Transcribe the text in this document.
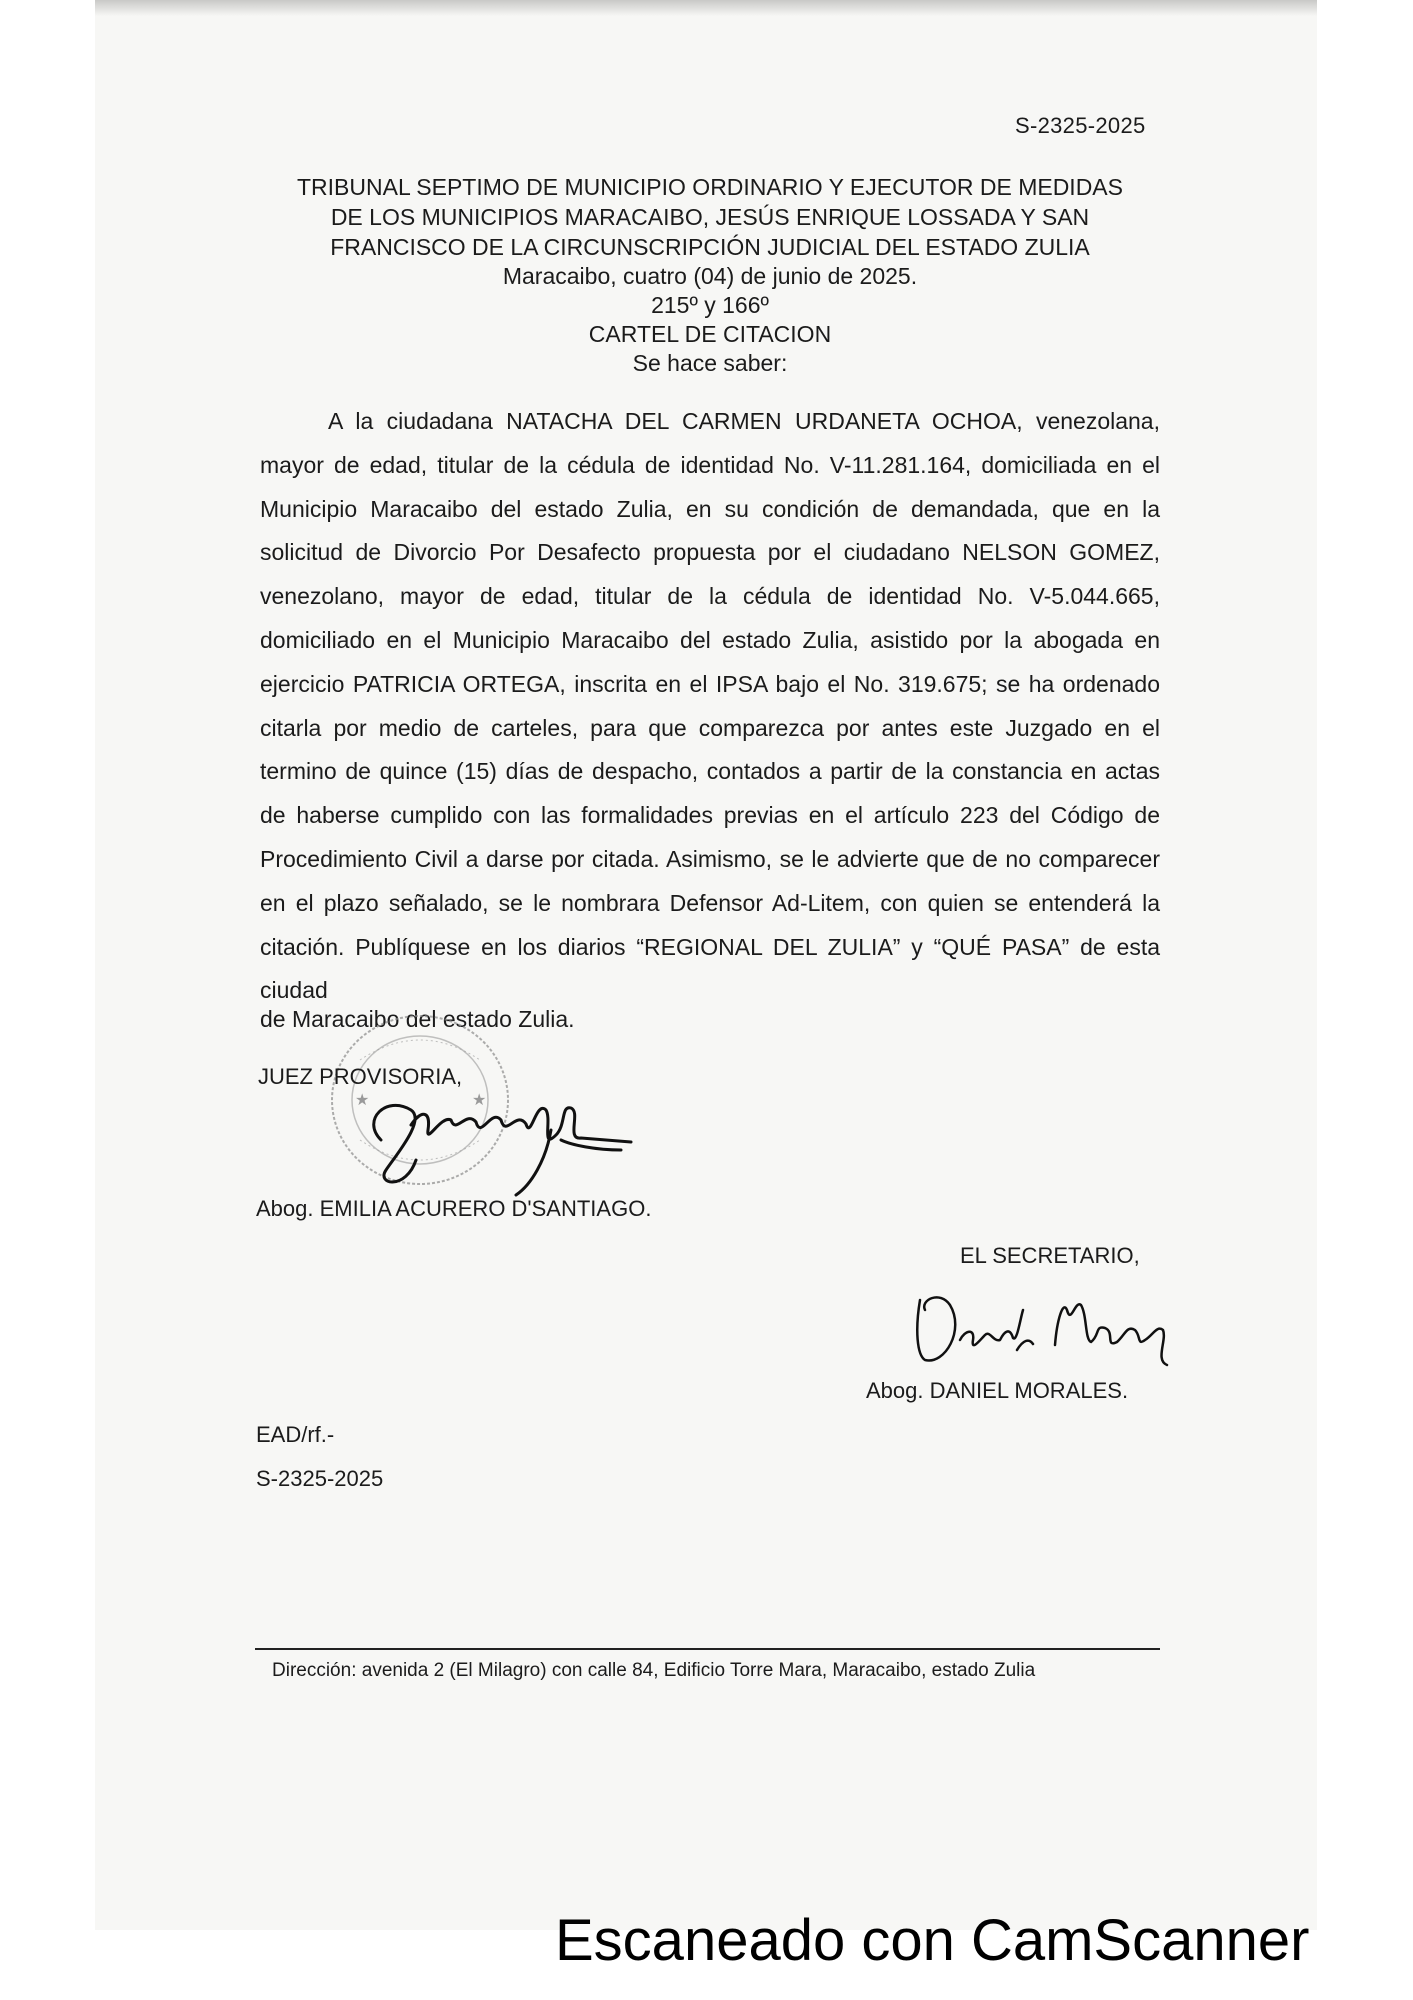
S-2325-2025
TRIBUNAL SEPTIMO DE MUNICIPIO ORDINARIO Y EJECUTOR DE MEDIDAS
DE LOS MUNICIPIOS MARACAIBO, JESÚS ENRIQUE LOSSADA Y SAN
FRANCISCO DE LA CIRCUNSCRIPCIÓN JUDICIAL DEL ESTADO ZULIA
Maracaibo, cuatro (04) de junio de 2025.
215º y 166º
CARTEL DE CITACION
Se hace saber:

A la ciudadana NATACHA DEL CARMEN URDANETA OCHOA, venezolana, mayor de edad, titular de la cédula de identidad No. V-11.281.164, domiciliada en el Municipio Maracaibo del estado Zulia, en su condición de demandada, que en la solicitud de Divorcio Por Desafecto propuesta por el ciudadano NELSON GOMEZ, venezolano, mayor de edad, titular de la cédula de identidad No. V-5.044.665, domiciliado en el Municipio Maracaibo del estado Zulia, asistido por la abogada en ejercicio PATRICIA ORTEGA, inscrita en el IPSA bajo el No. 319.675; se ha ordenado citarla por medio de carteles, para que comparezca por antes este Juzgado en el termino de quince (15) días de despacho, contados a partir de la constancia en actas de haberse cumplido con las formalidades previas en el artículo 223 del Código de Procedimiento Civil a darse por citada. Asimismo, se le advierte que de no comparecer en el plazo señalado, se le nombrara Defensor Ad-Litem, con quien se entenderá la citación. Publíquese en los diarios “REGIONAL DEL ZULIA” y “QUÉ PASA” de esta ciudad

de Maracaibo del estado Zulia.
★	★
JUEZ PROVISORIA,
Abog. EMILIA ACURERO D'SANTIAGO.
EL SECRETARIO,
Abog. DANIEL MORALES.
EAD/rf.-
S-2325-2025
Dirección: avenida 2 (El Milagro) con calle 84, Edificio Torre Mara, Maracaibo, estado Zulia
Escaneado con CamScanner
